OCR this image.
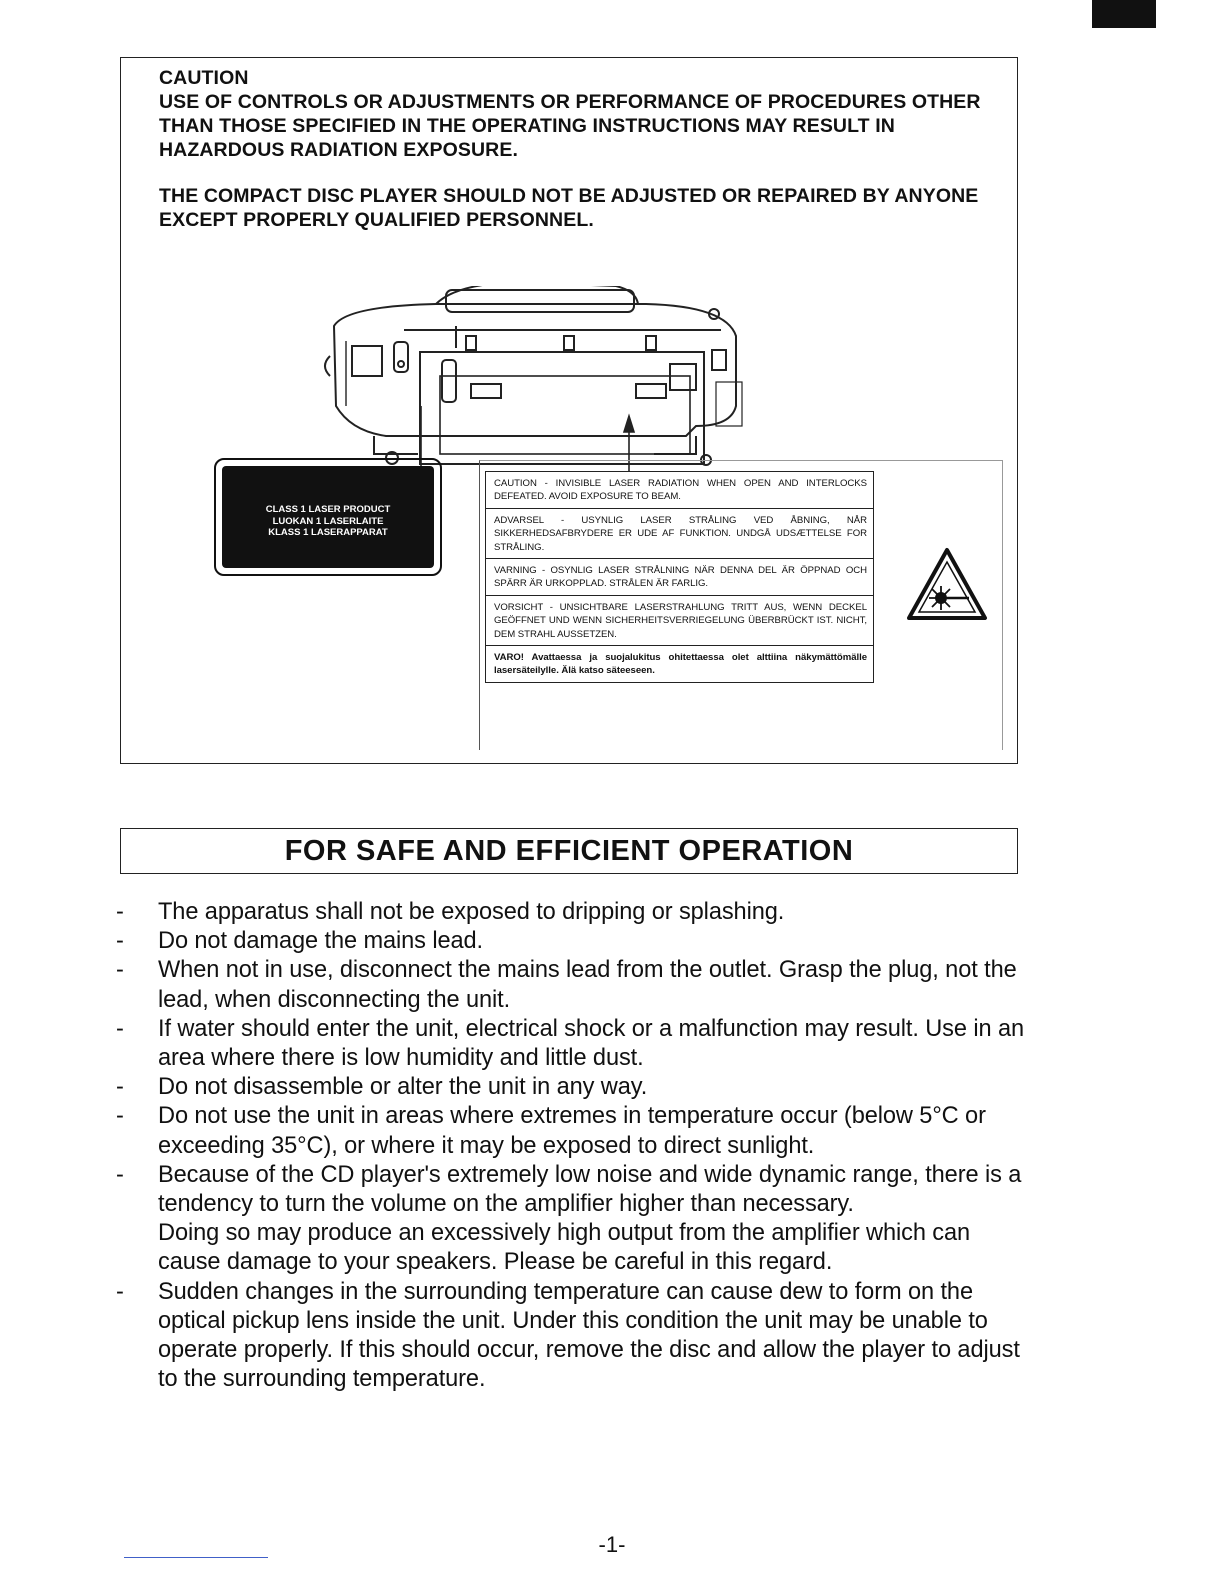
CAUTION
USE OF CONTROLS OR ADJUSTMENTS OR PERFORMANCE OF PROCEDURES OTHER THAN THOSE SPECIFIED IN THE OPERATING INSTRUCTIONS MAY RESULT IN HAZARDOUS RADIATION EXPOSURE.

THE COMPACT DISC PLAYER SHOULD NOT BE ADJUSTED OR REPAIRED BY ANYONE EXCEPT PROPERLY QUALIFIED PERSONNEL.

CLASS 1 LASER PRODUCT
LUOKAN 1 LASERLAITE
KLASS 1 LASERAPPARAT
CAUTION - INVISIBLE LASER RADIATION WHEN OPEN AND INTERLOCKS DEFEATED. AVOID EXPOSURE TO BEAM.
ADVARSEL - USYNLIG LASER STRÅLING VED ÅBNING, NÅR SIKKERHEDSAFBRYDERE ER UDE AF FUNKTION. UNDGÅ UDSÆTTELSE FOR STRÅLING.
VARNING - OSYNLIG LASER STRÅLNING NÄR DENNA DEL ÄR ÖPPNAD OCH SPÄRR ÄR URKOPPLAD. STRÅLEN ÄR FARLIG.
VORSICHT - UNSICHTBARE LASERSTRAHLUNG TRITT AUS, WENN DECKEL GEÖFFNET UND WENN SICHERHEITSVERRIEGELUNG ÜBERBRÜCKT IST. NICHT, DEM STRAHL AUSSETZEN.
VARO! Avattaessa ja suojalukitus ohitettaessa olet alttiina näkymättömälle lasersäteilylle. Älä katso säteeseen.
FOR SAFE AND EFFICIENT OPERATION
- The apparatus shall not be exposed to dripping or splashing.

- Do not damage the mains lead.

- When not in use, disconnect the mains lead from the outlet. Grasp the plug, not the lead, when disconnecting the unit.

- If water should enter the unit, electrical shock or a malfunction may result. Use in an area where there is low humidity and little dust.

- Do not disassemble or alter the unit in any way.

- Do not use the unit in areas where extremes in temperature occur (below 5°C or exceeding 35°C), or where it may be exposed to direct sunlight.

- Because of the CD player's extremely low noise and wide dynamic range, there is a tendency to turn the volume on the amplifier higher than necessary.

Doing so may produce an excessively high output from the amplifier which can cause damage to your speakers. Please be careful in this regard.

- Sudden changes in the surrounding temperature can cause dew to form on the optical pickup lens inside the unit. Under this condition the unit may be unable to operate properly. If this should occur, remove the disc and allow the player to adjust to the surrounding temperature.

-1-
